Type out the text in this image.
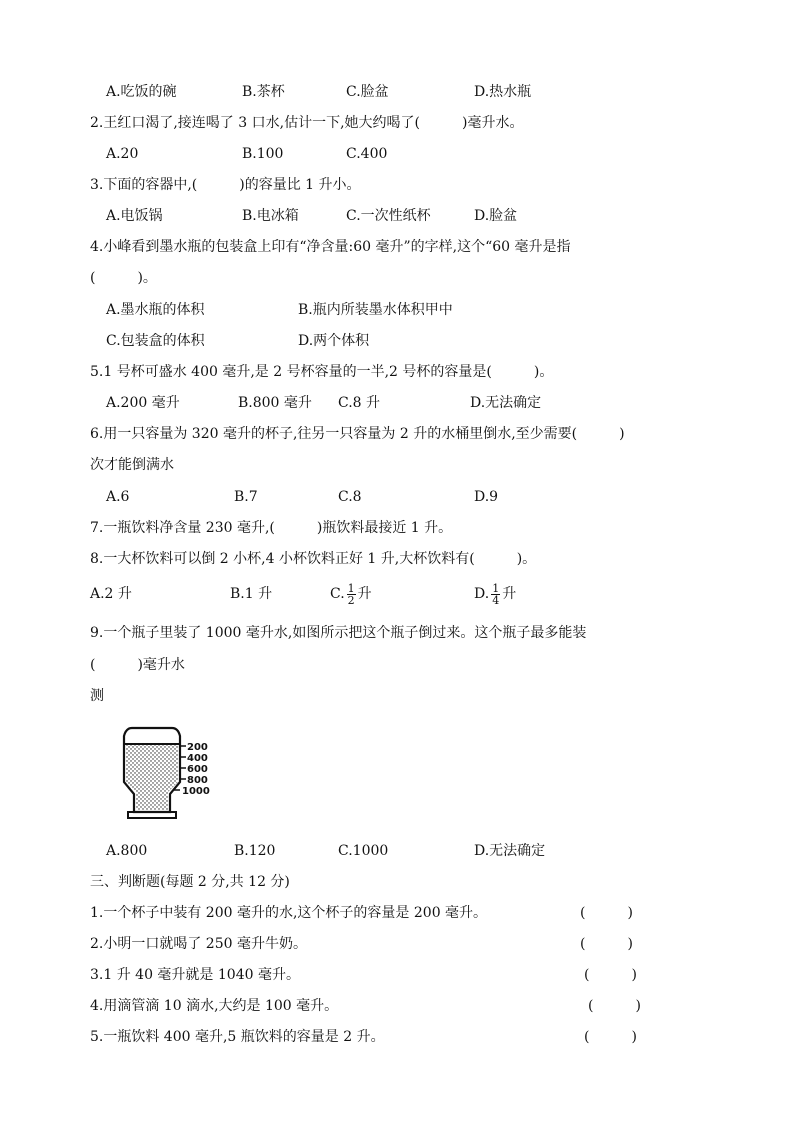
A.吃饭的碗	B.茶杯	C.脸盆	D.热水瓶
2.王红口渴了,接连喝了 3 口水,估计一下,她大约喝了(　　　)毫升水。
A.20	B.100	C.400
3.下面的容器中,(　　　)的容量比 1 升小。
A.电饭锅	B.电冰箱	C.一次性纸杯	D.脸盆
4.小峰看到墨水瓶的包装盒上印有“净含量:60 毫升”的字样,这个“60 毫升是指
(　　　)。
A.墨水瓶的体积	B.瓶内所装墨水体积甲中
C.包装盒的体积	D.两个体积
5.1 号杯可盛水 400 毫升,是 2 号杯容量的一半,2 号杯的容量是(　　　)。
A.200 毫升	B.800 毫升 C.8 升	D.无法确定
6.用一只容量为 320 毫升的杯子,往另一只容量为 2 升的水桶里倒水,至少需要(　　　)
次才能倒满水
A.6	B.7	C.8	D.9
7.一瓶饮料净含量 230 毫升,(　　　)瓶饮料最接近 1 升。
8.一大杯饮料可以倒 2 小杯,4 小杯饮料正好 1 升,大杯饮料有(　　　)。
A.2 升	B.1 升	C. $\frac{1}{2}$ 升	D. $\frac{1}{4}$ 升
9.一个瓶子里装了 1000 毫升水,如图所示把这个瓶子倒过来。这个瓶子最多能装
(　　　)毫升水
测
200
400
600
800
1000
A.800	B.120	C.1000	D.无法确定
三、判断题(每题 2 分,共 12 分)
1.一个杯子中装有 200 毫升的水,这个杯子的容量是 200 毫升。	(　　　)
2.小明一口就喝了 250 毫升牛奶。	(　　　)
3.1 升 40 毫升就是 1040 毫升。	(　　　)
4.用滴管滴 10 滴水,大约是 100 毫升。	(　　　)
5.一瓶饮料 400 毫升,5 瓶饮料的容量是 2 升。	(　　　)
